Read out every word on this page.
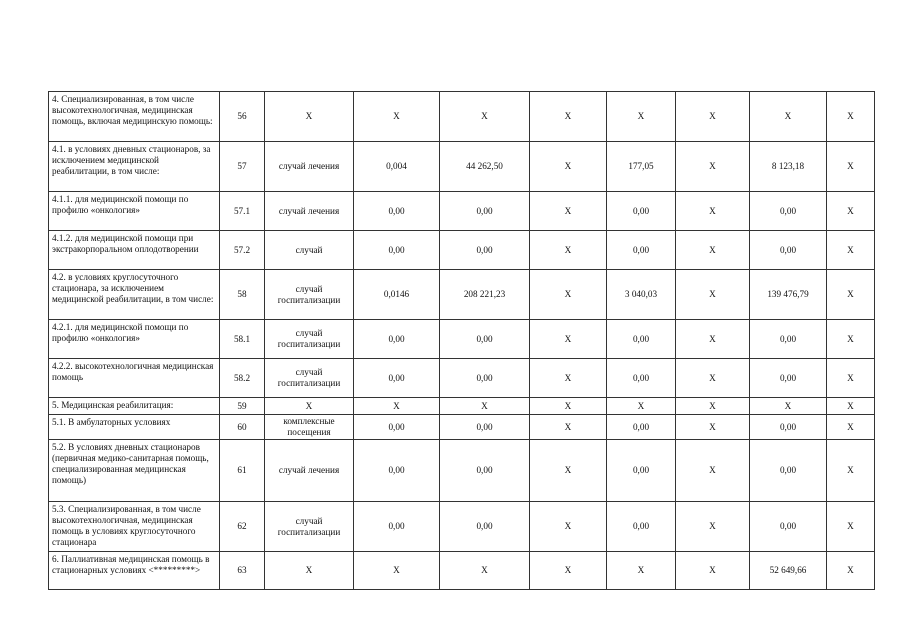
4. Специализированная, в том числе высокотехнологичная, медицинская помощь, включая медицинскую помощь:	56	Х	Х	Х	Х	Х	Х	Х	Х
4.1. в условиях дневных стационаров, за исключением медицинской реабилитации, в том числе:	57	случай лечения	0,004	44 262,50	Х	177,05	Х	8 123,18	Х
4.1.1. для медицинской помощи по профилю «онкология»	57.1	случай лечения	0,00	0,00	Х	0,00	Х	0,00	Х
4.1.2. для медицинской помощи при экстракорпоральном оплодотворении	57.2	случай	0,00	0,00	Х	0,00	Х	0,00	Х
4.2. в условиях круглосуточного стационара, за исключением медицинской реабилитации, в том числе:	58	случай госпитализации	0,0146	208 221,23	Х	3 040,03	Х	139 476,79	Х
4.2.1. для медицинской помощи по профилю «онкология»	58.1	случай госпитализации	0,00	0,00	Х	0,00	Х	0,00	Х
4.2.2. высокотехнологичная медицинская помощь	58.2	случай госпитализации	0,00	0,00	Х	0,00	Х	0,00	Х
5. Медицинская реабилитация:	59	Х	Х	Х	Х	Х	Х	Х	Х
5.1. В амбулаторных условиях	60	комплексные посещения	0,00	0,00	Х	0,00	Х	0,00	Х
5.2. В условиях дневных стационаров (первичная медико-санитарная помощь, специализированная медицинская помощь)	61	случай лечения	0,00	0,00	Х	0,00	Х	0,00	Х
5.3. Специализированная, в том числе высокотехнологичная, медицинская помощь в условиях круглосуточного стационара	62	случай госпитализации	0,00	0,00	Х	0,00	Х	0,00	Х
6. Паллиативная медицинская помощь в стационарных условиях <*********>	63	Х	Х	Х	Х	Х	Х	52 649,66	Х
